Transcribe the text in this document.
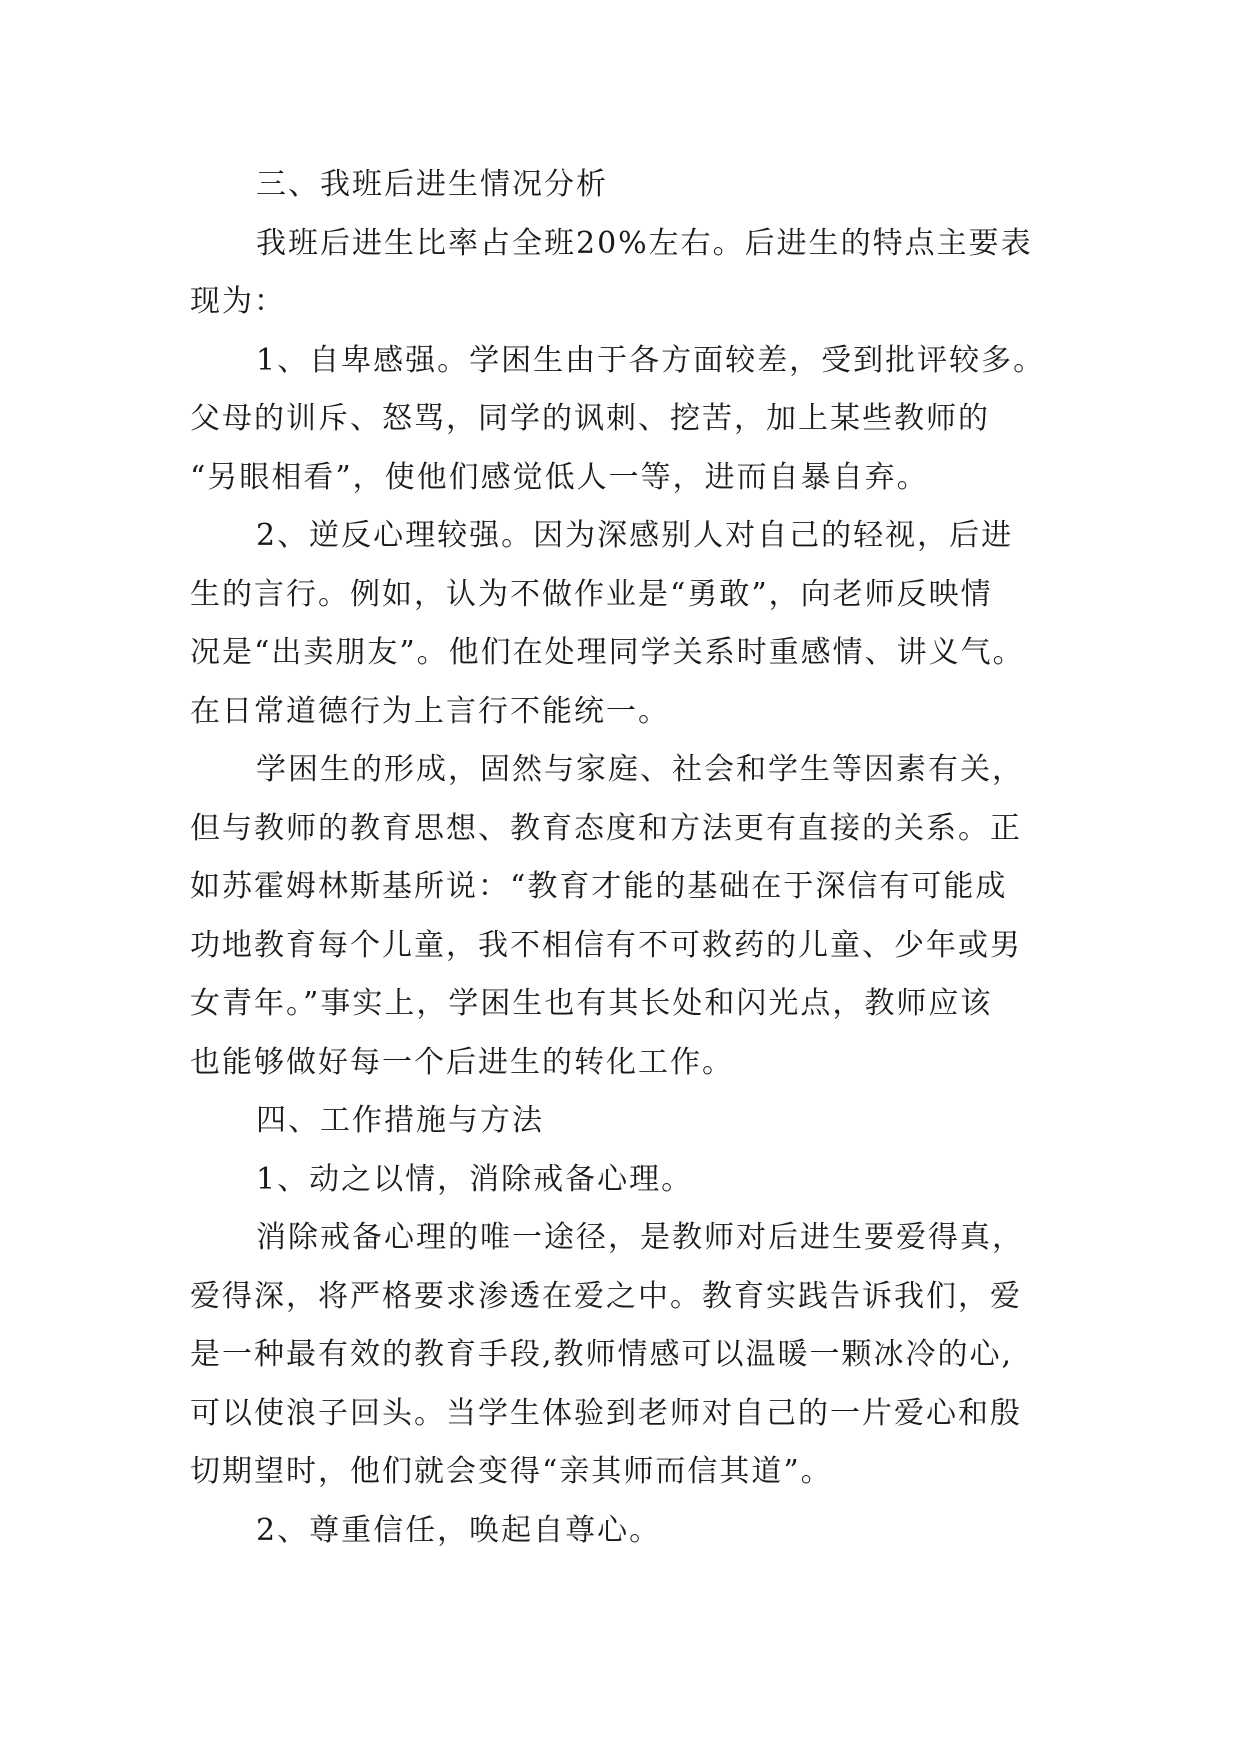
三、我班后进生情况分析
我班后进生比率占全班20%左右。后进生的特点主要表
现为：
1、自卑感强。学困生由于各方面较差，受到批评较多。
父母的训斥、怒骂，同学的讽刺、挖苦，加上某些教师的
“另眼相看”，使他们感觉低人一等，进而自暴自弃。
2、逆反心理较强。因为深感别人对自己的轻视，后进
生的言行。例如，认为不做作业是“勇敢”，向老师反映情
况是“出卖朋友”。他们在处理同学关系时重感情、讲义气。
在日常道德行为上言行不能统一。
学困生的形成，固然与家庭、社会和学生等因素有关，
但与教师的教育思想、教育态度和方法更有直接的关系。正
如苏霍姆林斯基所说：“教育才能的基础在于深信有可能成
功地教育每个儿童，我不相信有不可救药的儿童、少年或男
女青年。”事实上，学困生也有其长处和闪光点，教师应该
也能够做好每一个后进生的转化工作。
四、工作措施与方法
1、动之以情，消除戒备心理。
消除戒备心理的唯一途径，是教师对后进生要爱得真，
爱得深，将严格要求渗透在爱之中。教育实践告诉我们，爱
是一种最有效的教育手段,教师情感可以温暖一颗冰冷的心,
可以使浪子回头。当学生体验到老师对自己的一片爱心和殷
切期望时，他们就会变得“亲其师而信其道”。
2、尊重信任，唤起自尊心。
